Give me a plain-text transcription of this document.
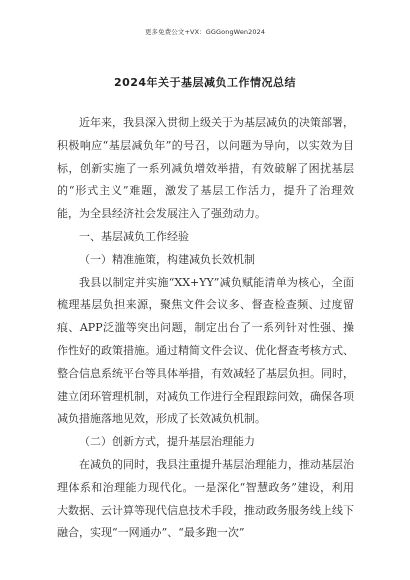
更多免费公文+VX：GGGongWen2024
2024年关于基层减负工作情况总结

近年来，我县深入贯彻上级关于为基层减负的决策部署，积极响应“基层减负年”的号召，以问题为导向，以实效为目标，创新实施了一系列减负增效举措，有效破解了困扰基层的“形式主义”难题，激发了基层工作活力，提升了治理效能，为全县经济社会发展注入了强劲动力。

一、基层减负工作经验

（一）精准施策，构建减负长效机制

我县以制定并实施“XX+YY”减负赋能清单为核心，全面梳理基层负担来源，聚焦文件会议多、督查检查频、过度留痕、APP泛滥等突出问题，制定出台了一系列针对性强、操作性好的政策措施。通过精简文件会议、优化督查考核方式、整合信息系统平台等具体举措，有效减轻了基层负担。同时，建立闭环管理机制，对减负工作进行全程跟踪问效，确保各项减负措施落地见效，形成了长效减负机制。

（二）创新方式，提升基层治理能力

在减负的同时，我县注重提升基层治理能力，推动基层治理体系和治理能力现代化。一是深化“智慧政务”建设，利用大数据、云计算等现代信息技术手段，推动政务服务线上线下融合，实现“一网通办”、“最多跑一次”
